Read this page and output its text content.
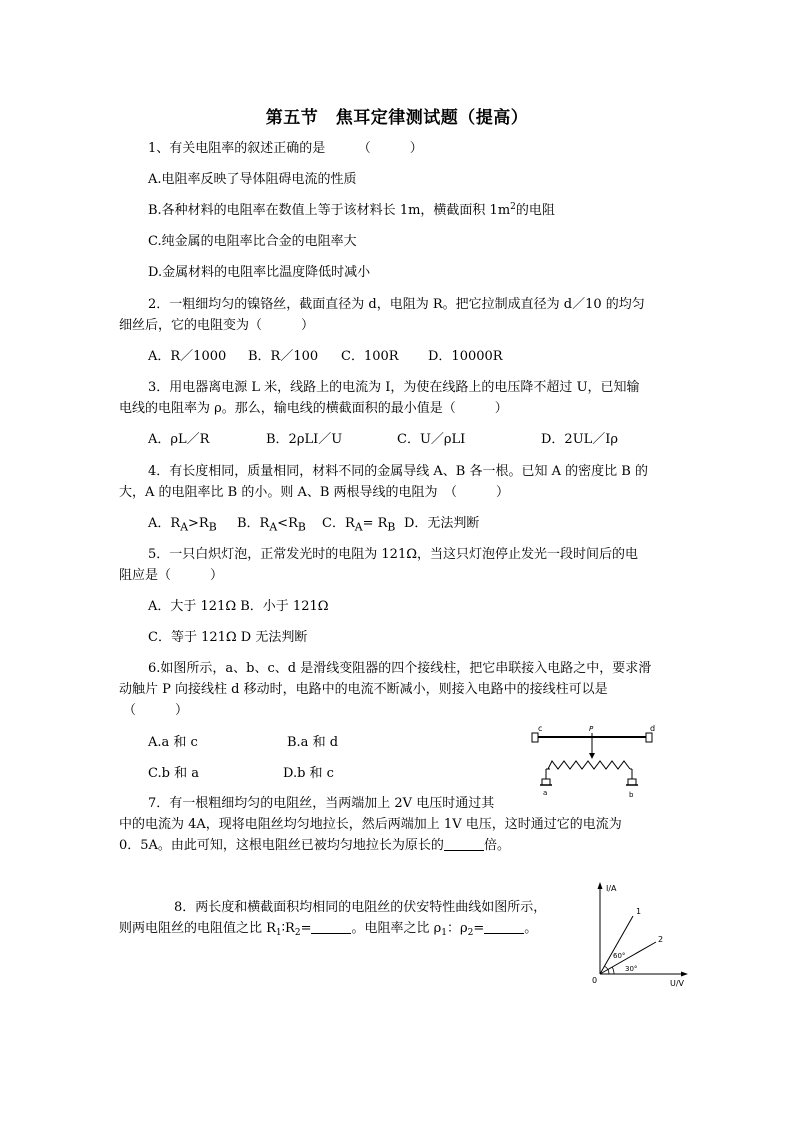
第五节　焦耳定律测试题（提高）
1、有关电阻率的叙述正确的是　　　（　　　）
A.电阻率反映了导体阻碍电流的性质
B.各种材料的电阻率在数值上等于该材料长 1m，横截面积 $1m^2$的电阻
C.纯金属的电阻率比合金的电阻率大
D.金属材料的电阻率比温度降低时减小
2．一粗细均匀的镍铬丝，截面直径为 d，电阻为 R。把它拉制成直径为 d／10 的均匀
细丝后，它的电阻变为（　　　）
A．R／1000 B．R／100 C．100R D．10000R
3．用电器离电源 L 米，线路上的电流为 I，为使在线路上的电压降不超过 U，已知输
电线的电阻率为 ρ。那么，输电线的横截面积的最小值是（　　　）
A．ρL／R	B．2ρLI／U	C．U／ρLI	D．2UL／Iρ
4．有长度相同，质量相同，材料不同的金属导线 A、B 各一根。已知 A 的密度比 B 的
大，A 的电阻率比 B 的小。则 A、B 两根导线的电阻为　（　　　）
A．$R_A>R_B$ B．$R_A<R_B$ C．$R_A= R_B$ D．无法判断
5．一只白炽灯泡，正常发光时的电阻为 121Ω，当这只灯泡停止发光一段时间后的电
阻应是（　　　）
A．大于 121Ω B．小于 121Ω
C．等于 121Ω D 无法判断
6.如图所示，a、b、c、d 是滑线变阻器的四个接线柱，把它串联接入电路之中，要求滑
动触片 P 向接线柱 d 移动时，电路中的电流不断减小，则接入电路中的接线柱可以是
（　　　）
A.a 和 c	B.a 和 d
C.b 和 a	D.b 和 c
c	d
P
a	b
7．有一根粗细均匀的电阻丝，当两端加上 2V 电压时通过其
中的电流为 4A，现将电阻丝均匀地拉长，然后两端加上 1V 电压，这时通过它的电流为
0．5A。由此可知，这根电阻丝已被均匀地拉长为原长的	倍。
8．两长度和横截面积均相同的电阻丝的伏安特性曲线如图所示，
则两电阻丝的电阻值之比 $R_1∶R_2=$	。电阻率之比 $\rho_1$：$\rho_2=$	。
I/A
U/V
0
1
2
60°
30°
